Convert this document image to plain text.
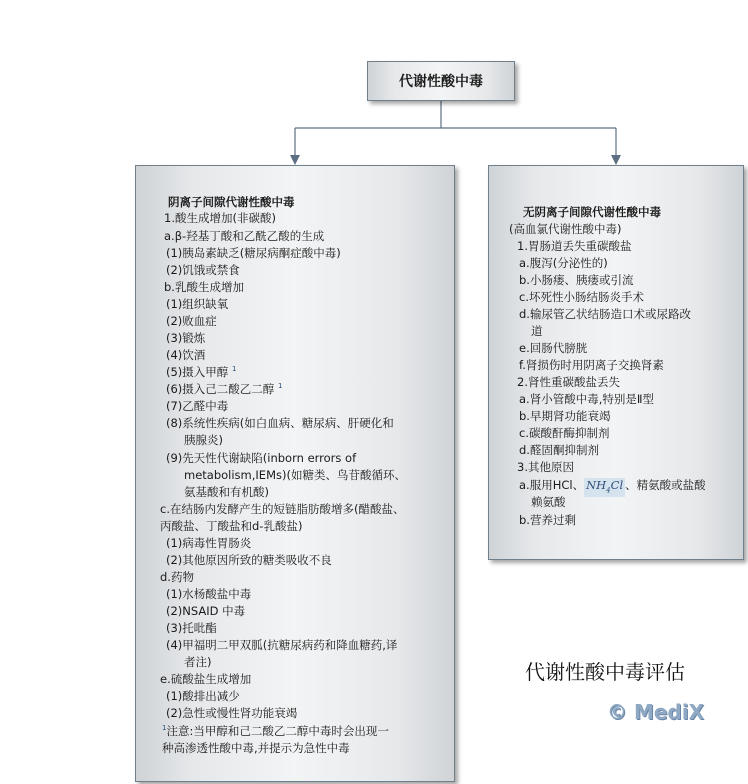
代谢性酸中毒
阴离子间隙代谢性酸中毒
1.酸生成增加(非碳酸)
a.β-羟基丁酸和乙酰乙酸的生成
(1)胰岛素缺乏(糖尿病酮症酸中毒)
(2)饥饿或禁食
b.乳酸生成增加
(1)组织缺氧
(2)败血症
(3)锻炼
(4)饮酒
(5)摄入甲醇 $^1$
(6)摄入己二酸乙二醇 $^1$
(7)乙醛中毒
(8)系统性疾病(如白血病、糖尿病、肝硬化和
胰腺炎)
(9)先天性代谢缺陷(inborn errors of
metabolism,IEMs)(如糖类、鸟苷酸循环、
氨基酸和有机酸)
c.在结肠内发酵产生的短链脂肪酸增多(醋酸盐、
丙酸盐、丁酸盐和d-乳酸盐)
(1)病毒性胃肠炎
(2)其他原因所致的糖类吸收不良
d.药物
(1)水杨酸盐中毒
(2)NSAID 中毒
(3)托吡酯
(4)甲福明二甲双胍(抗糖尿病药和降血糖药,译
者注)
e.硫酸盐生成增加
(1)酸排出减少
(2)急性或慢性肾功能衰竭
$^1$注意:当甲醇和己二酸乙二醇中毒时会出现一
种高渗透性酸中毒,并提示为急性中毒
无阴离子间隙代谢性酸中毒
(高血氯代谢性酸中毒)
1.胃肠道丢失重碳酸盐
a.腹泻(分泌性的)
b.小肠瘘、胰瘘或引流
c.坏死性小肠结肠炎手术
d.输尿管乙状结肠造口术或尿路改
道
e.回肠代膀胱
f.肾损伤时用阴离子交换肾素
2.肾性重碳酸盐丢失
a.肾小管酸中毒,特别是Ⅱ型
b.早期肾功能衰竭
c.碳酸酐酶抑制剂
d.醛固酮抑制剂
3.其他原因
a.服用HCl、 $NH_4Cl$ 、精氨酸或盐酸
赖氨酸
b.营养过剩
代谢性酸中毒评估
© MediX
